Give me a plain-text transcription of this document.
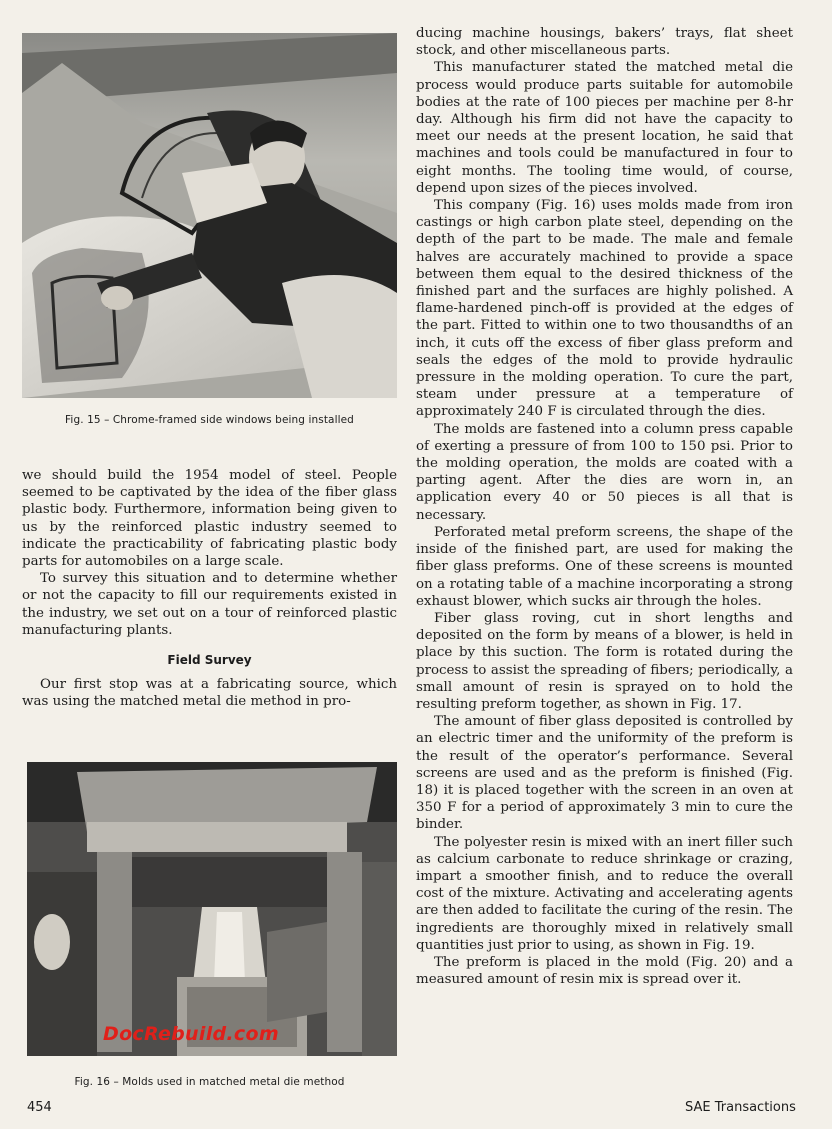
Fig. 15 – Chrome-framed side windows being installed

we should build the 1954 model of steel. People seemed to be captivated by the idea of the fiber glass plastic body. Furthermore, information being given to us by the reinforced plastic industry seemed to indicate the practicability of fabricating plastic body parts for automobiles on a large scale.

To survey this situation and to determine whether or not the capacity to fill our requirements existed in the industry, we set out on a tour of reinforced plastic manufacturing plants.

Field Survey

Our first stop was at a fabricating source, which was using the matched metal die method in pro-

DocRebuild.com
Fig. 16 – Molds used in matched metal die method

ducing machine housings, bakers’ trays, flat sheet stock, and other miscellaneous parts.

This manufacturer stated the matched metal die process would produce parts suitable for automobile bodies at the rate of 100 pieces per machine per 8-hr day. Although his firm did not have the capacity to meet our needs at the present location, he said that machines and tools could be manufactured in four to eight months. The tooling time would, of course, depend upon sizes of the pieces involved.

This company (Fig. 16) uses molds made from iron castings or high carbon plate steel, depending on the depth of the part to be made. The male and female halves are accurately machined to provide a space between them equal to the desired thickness of the finished part and the surfaces are highly polished. A flame-hardened pinch-off is provided at the edges of the part. Fitted to within one to two thousandths of an inch, it cuts off the excess of fiber glass preform and seals the edges of the mold to provide hydraulic pressure in the molding operation. To cure the part, steam under pressure at a temperature of approximately 240 F is circulated through the dies.

The molds are fastened into a column press capable of exerting a pressure of from 100 to 150 psi. Prior to the molding operation, the molds are coated with a parting agent. After the dies are worn in, an application every 40 or 50 pieces is all that is necessary.

Perforated metal preform screens, the shape of the inside of the finished part, are used for making the fiber glass preforms. One of these screens is mounted on a rotating table of a machine incorporating a strong exhaust blower, which sucks air through the holes.

Fiber glass roving, cut in short lengths and deposited on the form by means of a blower, is held in place by this suction. The form is rotated during the process to assist the spreading of fibers; periodically, a small amount of resin is sprayed on to hold the resulting preform together, as shown in Fig. 17.

The amount of fiber glass deposited is controlled by an electric timer and the uniformity of the preform is the result of the operator’s performance. Several screens are used and as the preform is finished (Fig. 18) it is placed together with the screen in an oven at 350 F for a period of approximately 3 min to cure the binder.

The polyester resin is mixed with an inert filler such as calcium carbonate to reduce shrinkage or crazing, impart a smoother finish, and to reduce the overall cost of the mixture. Activating and accelerating agents are then added to facilitate the curing of the resin. The ingredients are thoroughly mixed in relatively small quantities just prior to using, as shown in Fig. 19.

The preform is placed in the mold (Fig. 20) and a measured amount of resin mix is spread over it.

454	SAE Transactions
